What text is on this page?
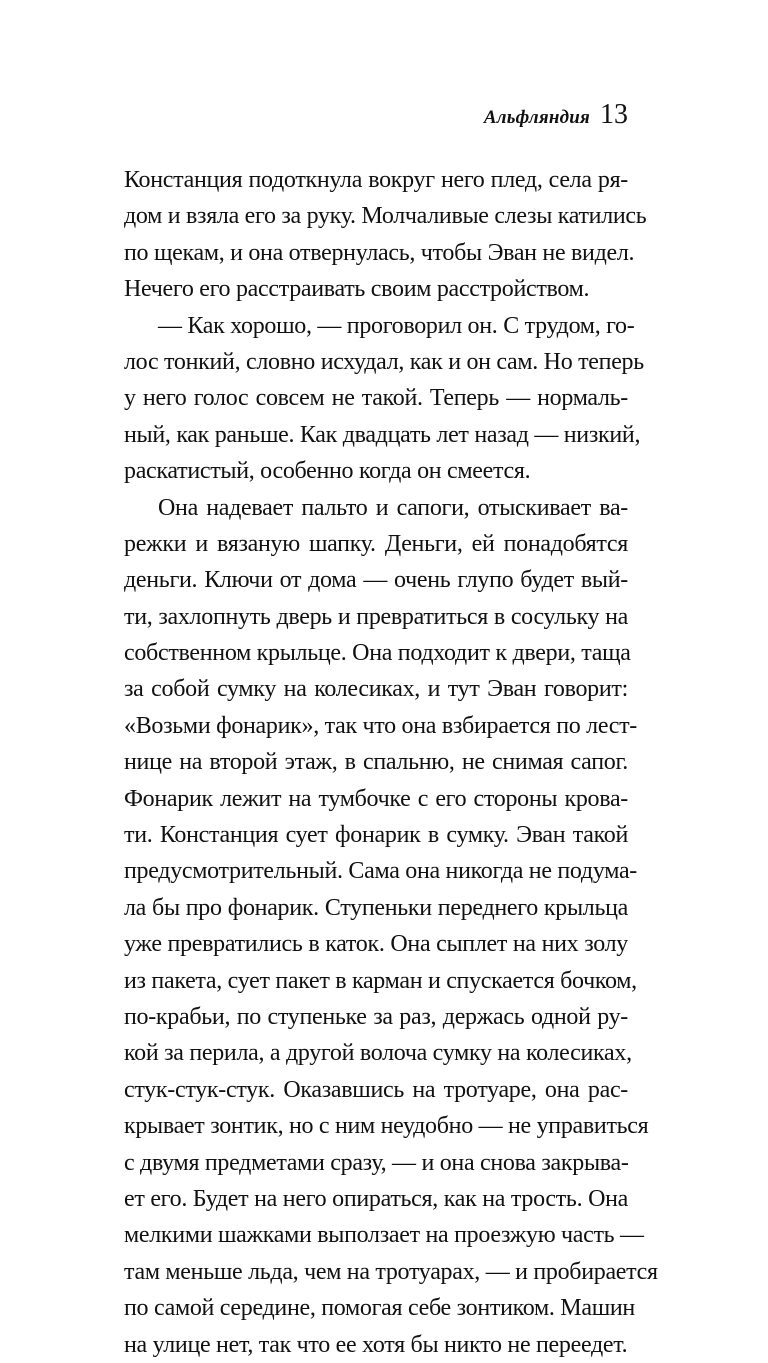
Альфляндия 13
Констанция подоткнула вокруг него плед, села ря-
дом и взяла его за руку. Молчаливые слезы катились
по щекам, и она отвернулась, чтобы Эван не видел.
Нечего его расстраивать своим расстройством.
— Как хорошо, — проговорил он. С трудом, го-
лос тонкий, словно исхудал, как и он сам. Но теперь
у него голос совсем не такой. Теперь — нормаль-
ный, как раньше. Как двадцать лет назад — низкий,
раскатистый, особенно когда он смеется.
Она надевает пальто и сапоги, отыскивает ва-
режки и вязаную шапку. Деньги, ей понадобятся
деньги. Ключи от дома — очень глупо будет вый-
ти, захлопнуть дверь и превратиться в сосульку на
собственном крыльце. Она подходит к двери, таща
за собой сумку на колесиках, и тут Эван говорит:
«Возьми фонарик», так что она взбирается по лест-
нице на второй этаж, в спальню, не снимая сапог.
Фонарик лежит на тумбочке с его стороны крова-
ти. Констанция сует фонарик в сумку. Эван такой
предусмотрительный. Сама она никогда не подума-
ла бы про фонарик. Ступеньки переднего крыльца
уже превратились в каток. Она сыплет на них золу
из пакета, сует пакет в карман и спускается бочком,
по-крабьи, по ступеньке за раз, держась одной ру-
кой за перила, а другой волоча сумку на колесиках,
стук-стук-стук. Оказавшись на тротуаре, она рас-
крывает зонтик, но с ним неудобно — не управиться
с двумя предметами сразу, — и она снова закрыва-
ет его. Будет на него опираться, как на трость. Она
мелкими шажками выползает на проезжую часть —
там меньше льда, чем на тротуарах, — и пробирается
по самой середине, помогая себе зонтиком. Машин
на улице нет, так что ее хотя бы никто не переедет.
